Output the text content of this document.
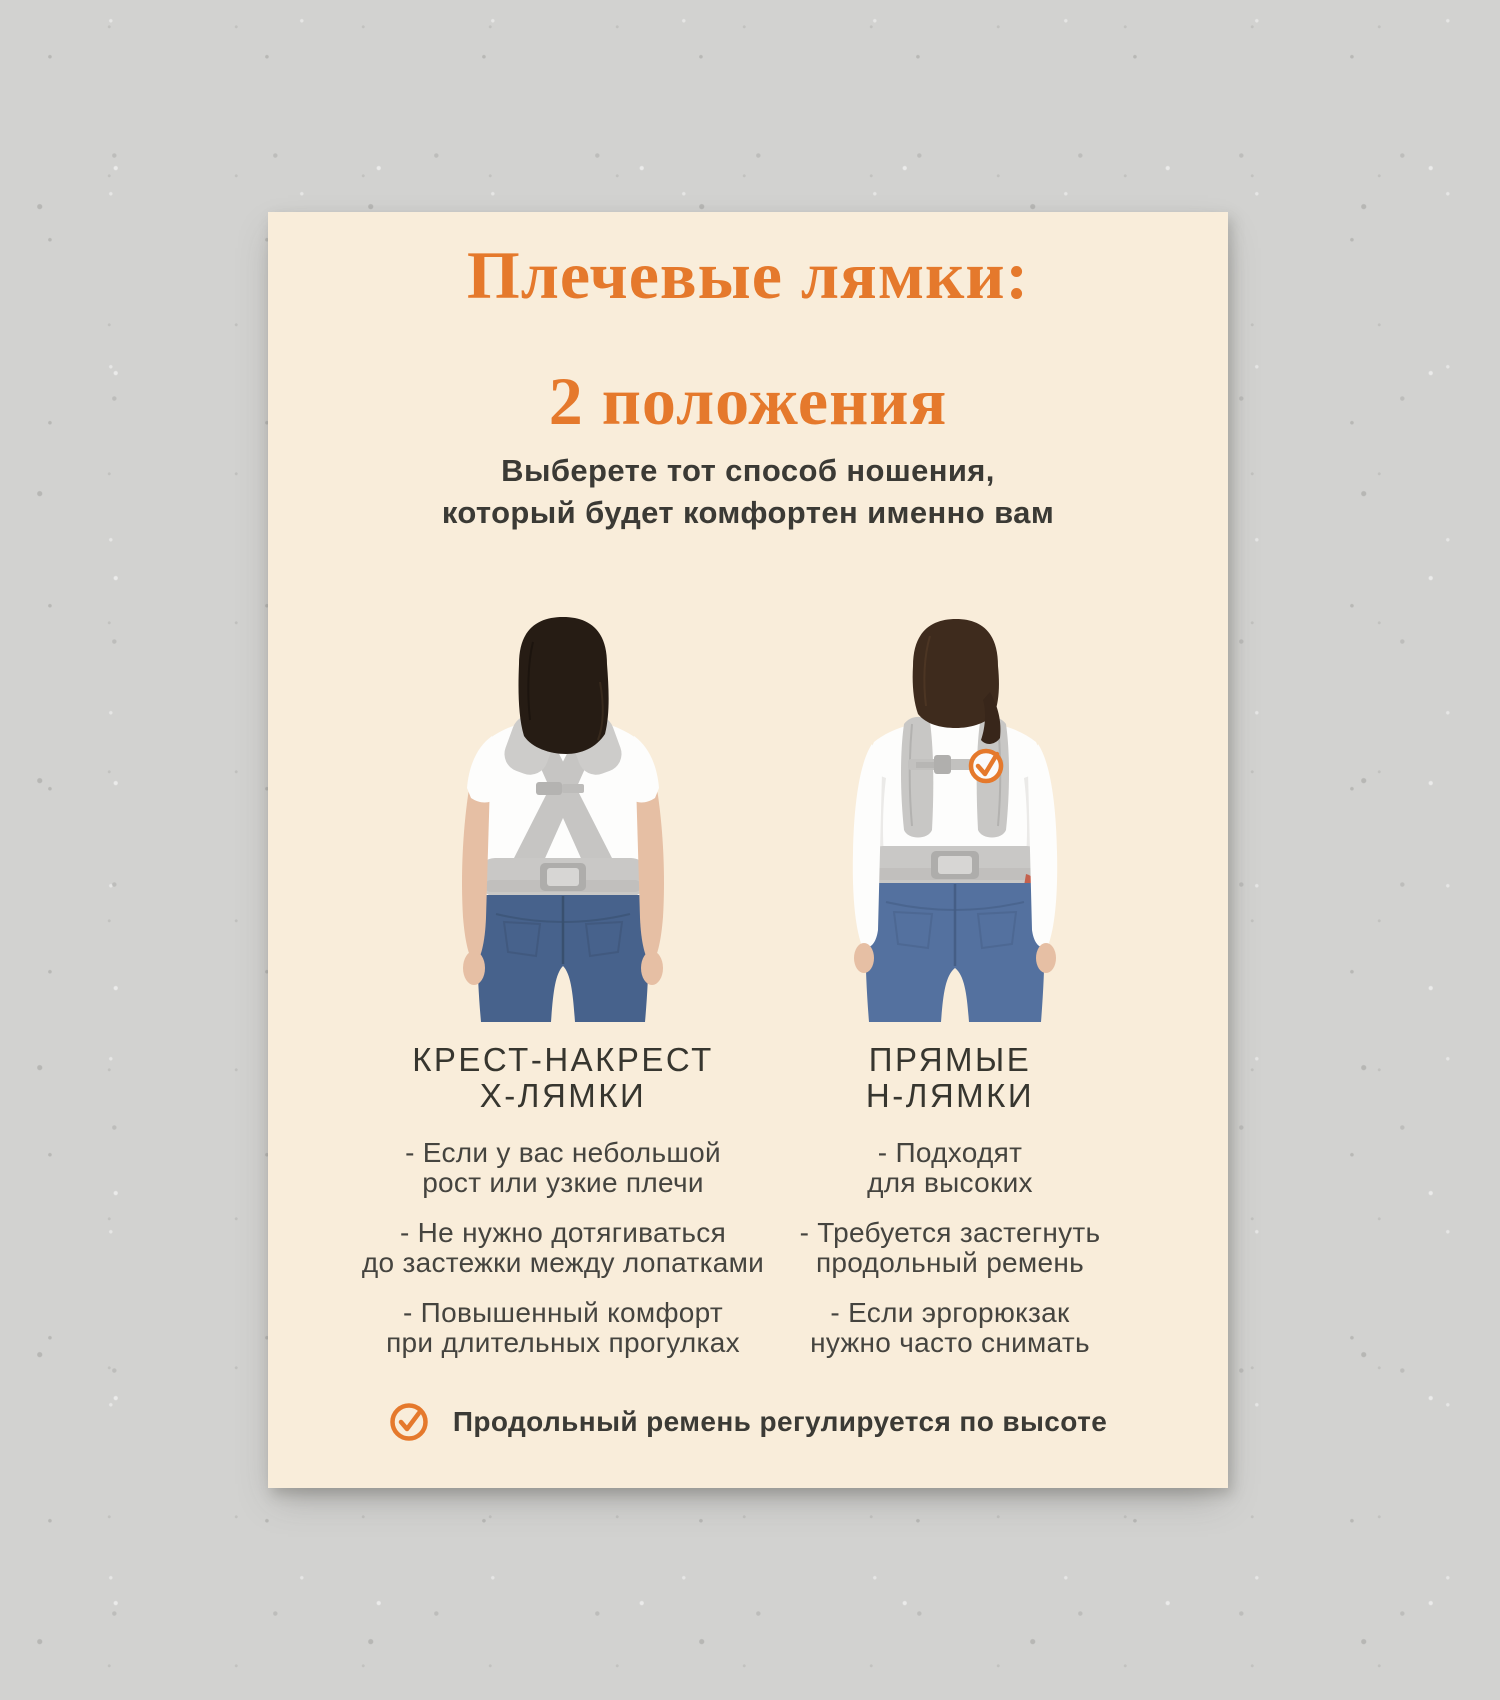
Плечевые лямки:
2 положения

Выберете тот способ ношения,
который будет комфортен именно вам

КРЕСТ-НАКРЕСТ
Х-ЛЯМКИ

- Если у вас небольшой
рост или узкие плечи

- Не нужно дотягиваться
до застежки между лопатками

- Повышенный комфорт
при длительных прогулках

ПРЯМЫЕ
Н-ЛЯМКИ

- Подходят
для высоких

- Требуется застегнуть
продольный ремень

- Если эргорюкзак
нужно часто снимать

Продольный ремень регулируется по высоте
